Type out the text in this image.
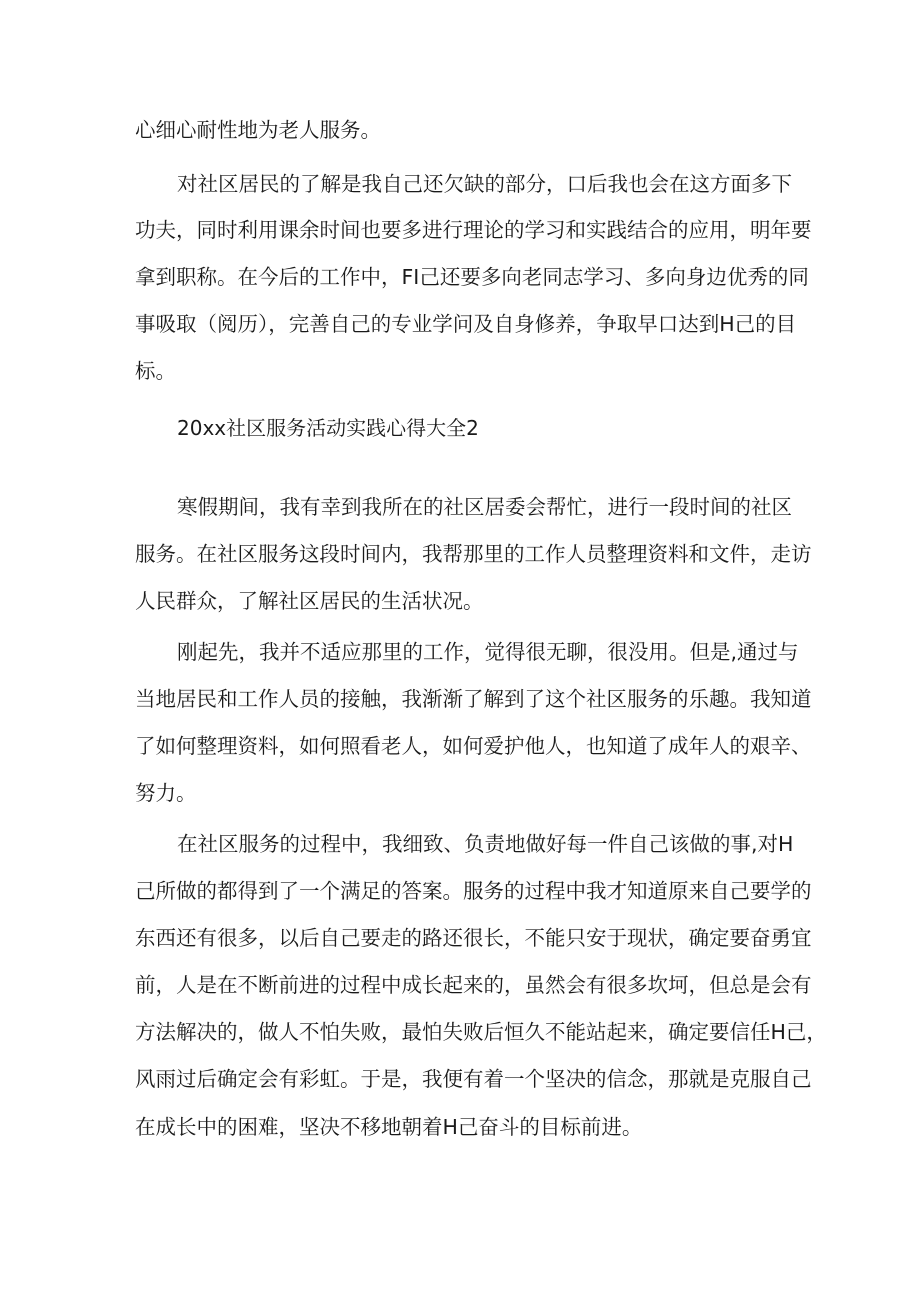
心细心耐性地为老人服务。
对社区居民的了解是我自己还欠缺的部分，口后我也会在这方面多下
功夫，同时利用课余时间也要多进行理论的学习和实践结合的应用，明年要
拿到职称。在今后的工作中，FI己还要多向老同志学习、多向身边优秀的同
事吸取（阅历），完善自己的专业学问及自身修养，争取早口达到H己的目
标。
20xx社区服务活动实践心得大全2
寒假期间，我有幸到我所在的社区居委会帮忙，进行一段时间的社区
服务。在社区服务这段时间内，我帮那里的工作人员整理资料和文件，走访
人民群众，了解社区居民的生活状况。
刚起先，我并不适应那里的工作，觉得很无聊，很没用。但是,通过与
当地居民和工作人员的接触，我渐渐了解到了这个社区服务的乐趣。我知道
了如何整理资料，如何照看老人，如何爱护他人，也知道了成年人的艰辛、
努力。
在社区服务的过程中，我细致、负责地做好每一件自己该做的事,对H
己所做的都得到了一个满足的答案。服务的过程中我才知道原来自己要学的
东西还有很多，以后自己要走的路还很长，不能只安于现状，确定要奋勇宜
前，人是在不断前进的过程中成长起来的，虽然会有很多坎坷，但总是会有
方法解决的，做人不怕失败，最怕失败后恒久不能站起来，确定要信任H己，
风雨过后确定会有彩虹。于是，我便有着一个坚决的信念，那就是克服自己
在成长中的困难，坚决不移地朝着H己奋斗的目标前进。
